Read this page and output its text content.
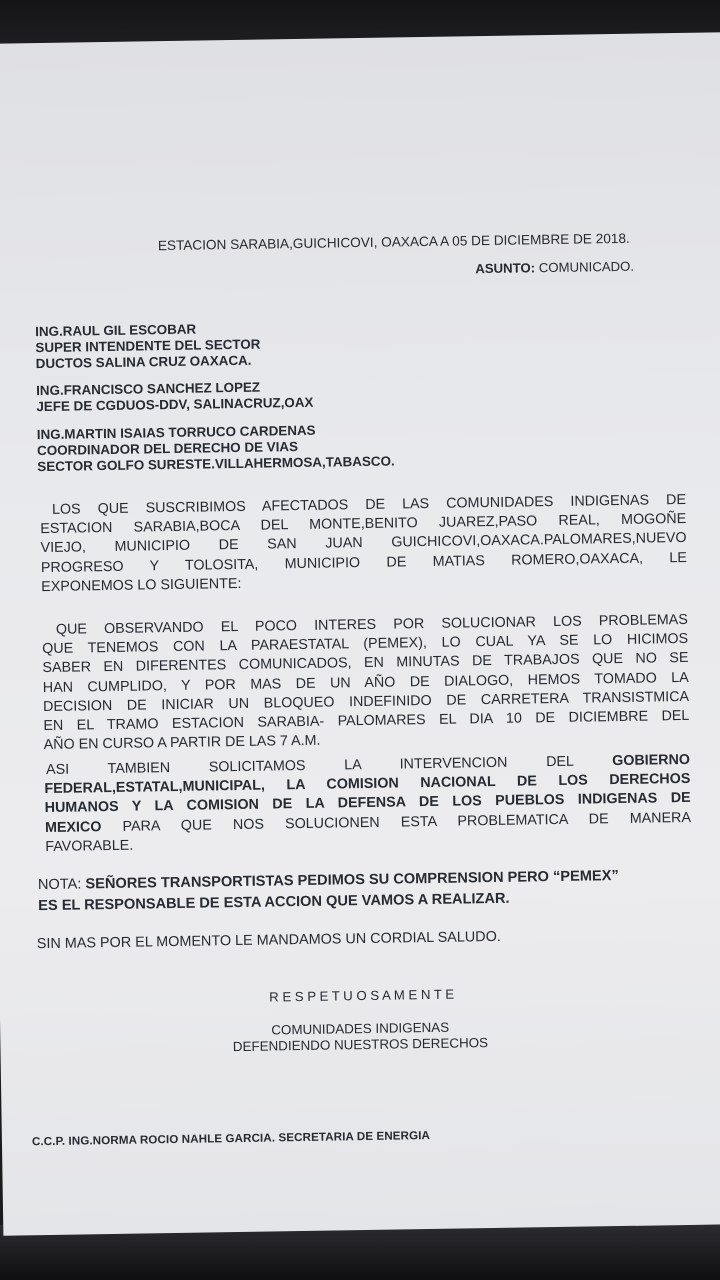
ESTACION SARABIA,GUICHICOVI, OAXACA A 05 DE DICIEMBRE DE 2018.
ASUNTO: COMUNICADO.
ING.RAUL GIL ESCOBAR
SUPER INTENDENTE DEL SECTOR
DUCTOS SALINA CRUZ OAXACA.
ING.FRANCISCO SANCHEZ LOPEZ
JEFE DE CGDUOS-DDV, SALINACRUZ,OAX
ING.MARTIN ISAIAS TORRUCO CARDENAS
COORDINADOR DEL DERECHO DE VIAS
SECTOR GOLFO SURESTE.VILLAHERMOSA,TABASCO.
LOS QUE SUSCRIBIMOS AFECTADOS DE LAS COMUNIDADES INDIGENAS DE
ESTACION SARABIA,BOCA DEL MONTE,BENITO JUAREZ,PASO REAL, MOGOÑE
VIEJO, MUNICIPIO DE SAN JUAN GUICHICOVI,OAXACA.PALOMARES,NUEVO
PROGRESO Y TOLOSITA, MUNICIPIO DE MATIAS ROMERO,OAXACA, LE
EXPONEMOS LO SIGUIENTE:
QUE OBSERVANDO EL POCO INTERES POR SOLUCIONAR LOS PROBLEMAS
QUE TENEMOS CON LA PARAESTATAL (PEMEX), LO CUAL YA SE LO HICIMOS
SABER EN DIFERENTES COMUNICADOS, EN MINUTAS DE TRABAJOS QUE NO SE
HAN CUMPLIDO, Y POR MAS DE UN AÑO DE DIALOGO, HEMOS TOMADO LA
DECISION DE INICIAR UN BLOQUEO INDEFINIDO DE CARRETERA TRANSISTMICA
EN EL TRAMO ESTACION SARABIA- PALOMARES EL DIA 10 DE DICIEMBRE DEL
AÑO EN CURSO A PARTIR DE LAS 7 A.M.
ASI TAMBIEN SOLICITAMOS LA INTERVENCION DEL	GOBIERNO
FEDERAL,ESTATAL,MUNICIPAL, LA COMISION NACIONAL DE LOS DERECHOS
HUMANOS Y LA COMISION DE LA DEFENSA DE LOS PUEBLOS INDIGENAS DE
MEXICO PARA QUE NOS SOLUCIONEN ESTA PROBLEMATICA DE MANERA
FAVORABLE.
NOTA: SEÑORES TRANSPORTISTAS PEDIMOS SU COMPRENSION PERO “PEMEX”
ES EL RESPONSABLE DE ESTA ACCION QUE VAMOS A REALIZAR.
SIN MAS POR EL MOMENTO LE MANDAMOS UN CORDIAL SALUDO.
R E S P E T U O S A M E N T E
COMUNIDADES INDIGENAS
DEFENDIENDO NUESTROS DERECHOS
C.C.P. ING.NORMA ROCIO NAHLE GARCIA. SECRETARIA DE ENERGIA
